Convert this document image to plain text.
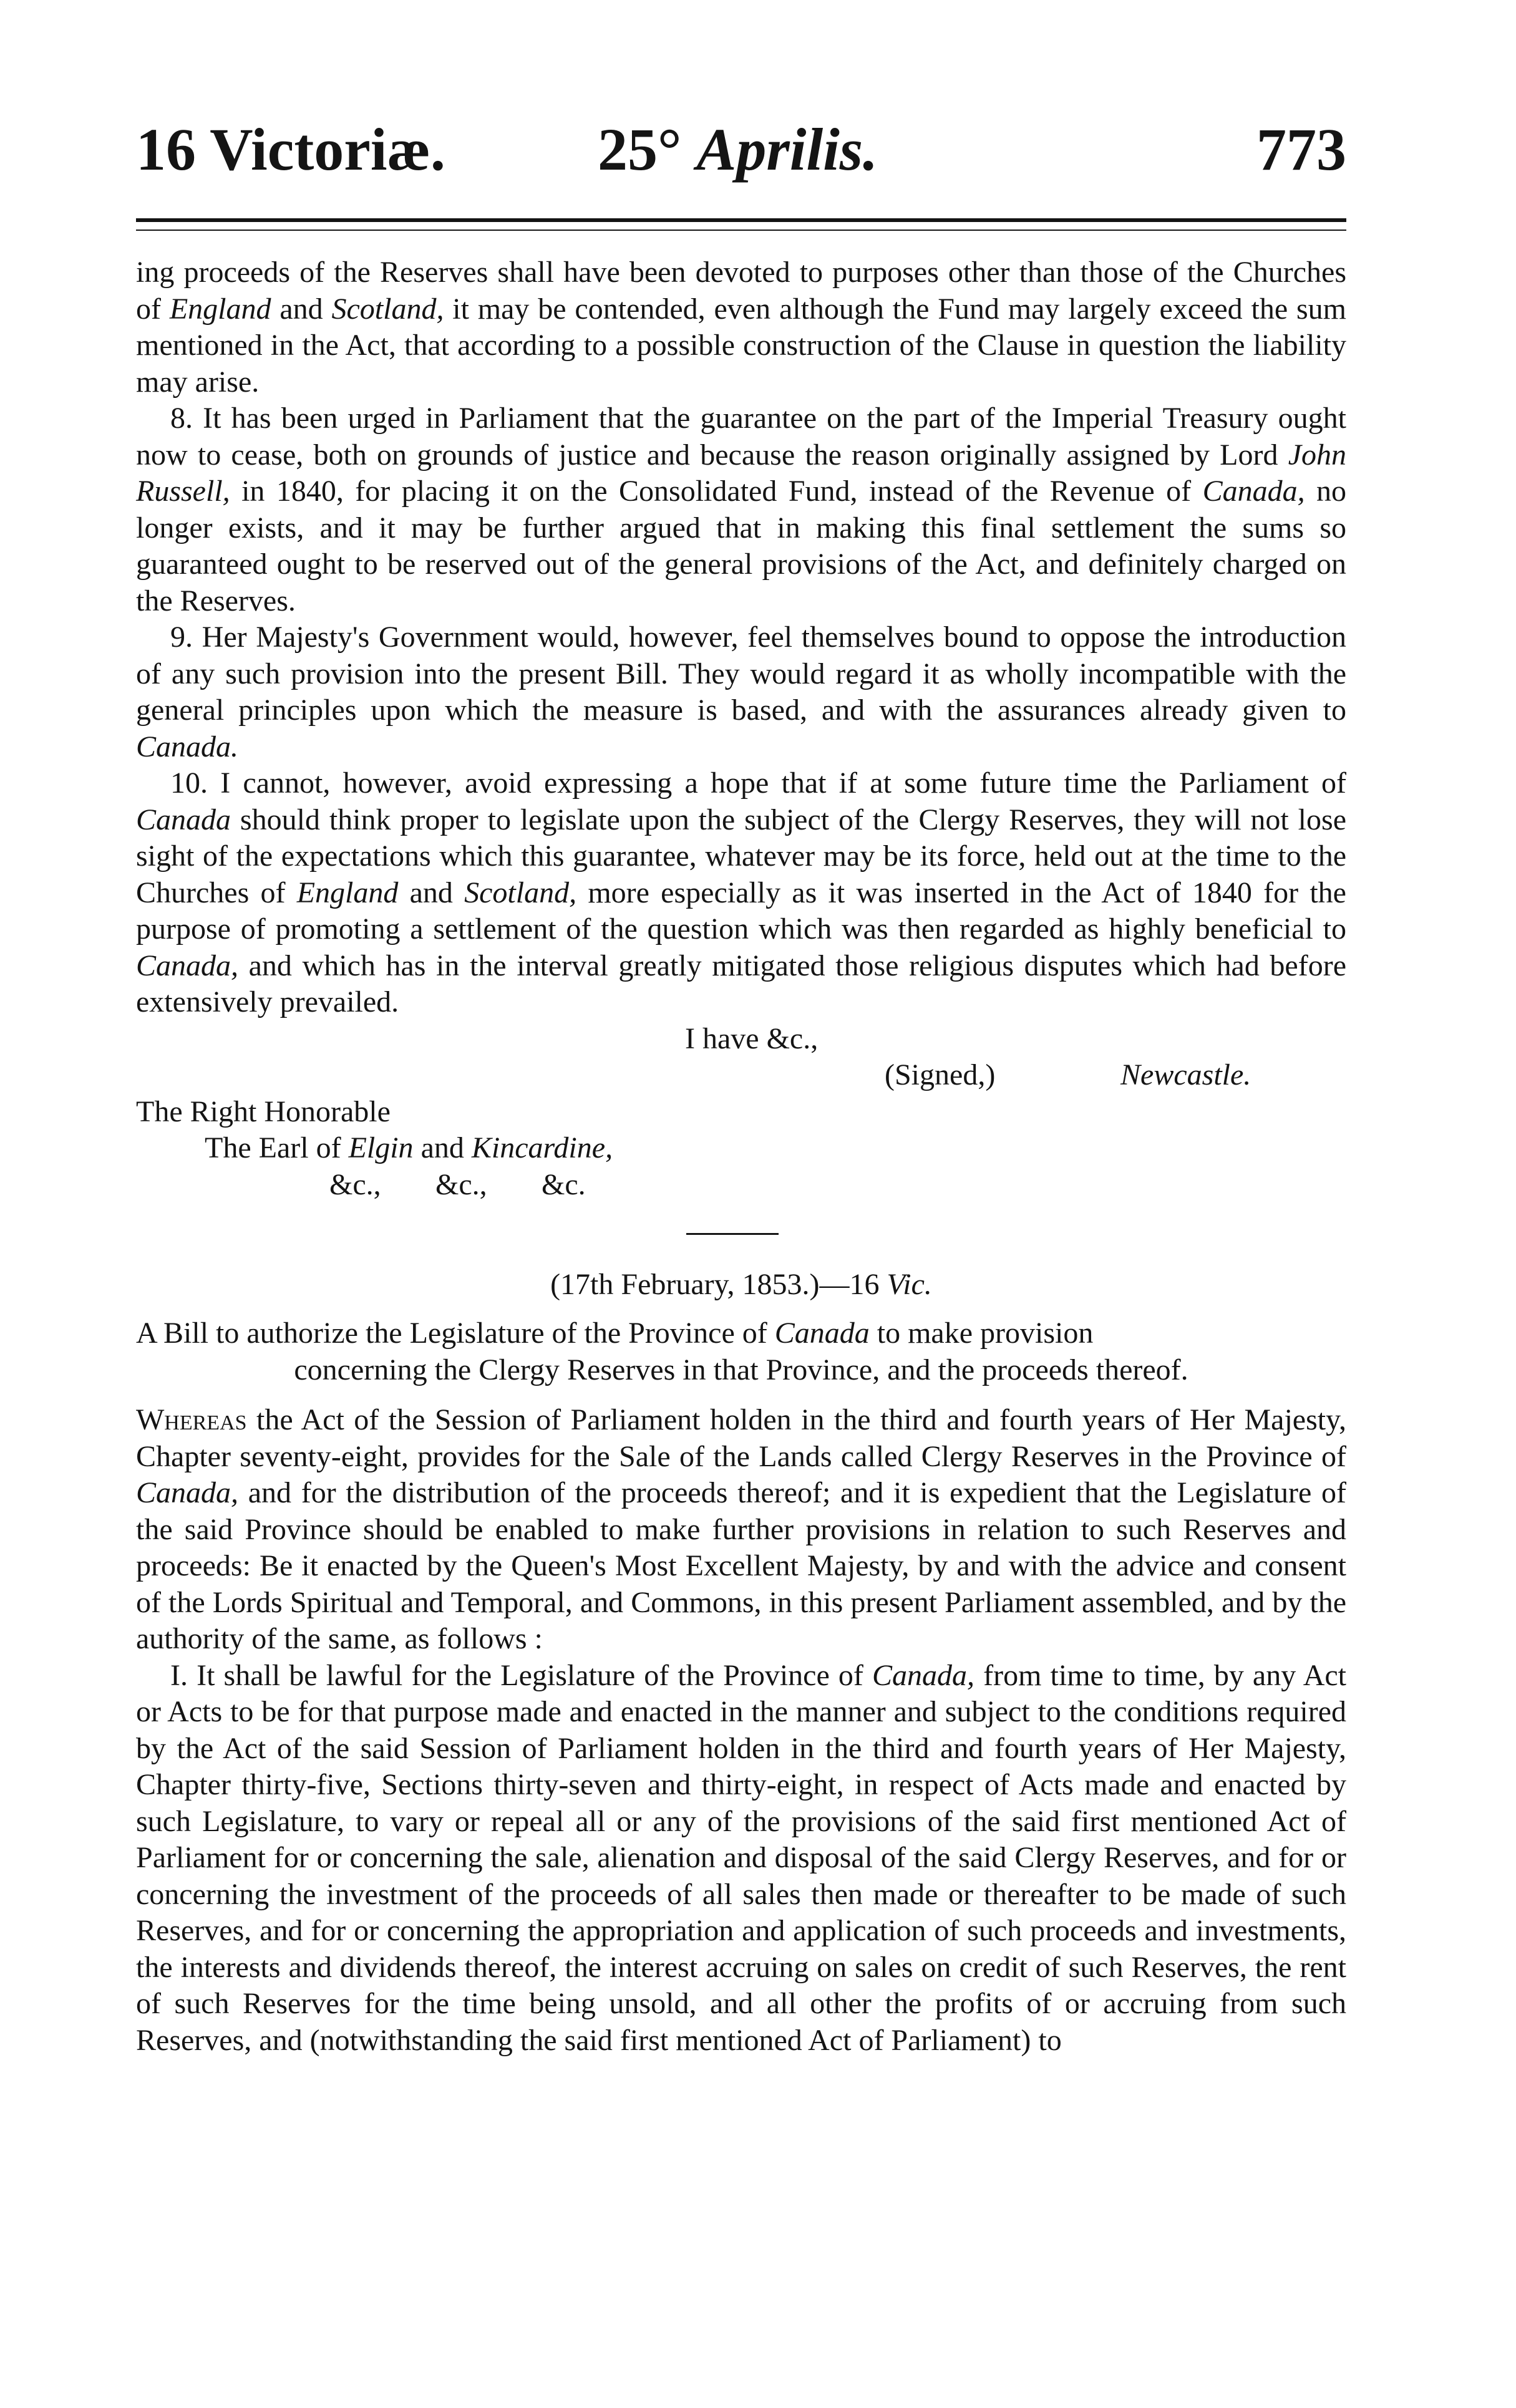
16 Victoriæ.	25° Aprilis.	773

ing proceeds of the Reserves shall have been devoted to purposes other than those of the Churches of England and Scotland, it may be contended, even although the Fund may largely exceed the sum mentioned in the Act, that according to a possible construction of the Clause in question the liability may arise.

8. It has been urged in Parliament that the guarantee on the part of the Imperial Treasury ought now to cease, both on grounds of justice and because the reason originally assigned by Lord John Russell, in 1840, for placing it on the Consolidated Fund, instead of the Revenue of Canada, no longer exists, and it may be further argued that in making this final settlement the sums so guaranteed ought to be reserved out of the general provisions of the Act, and definitely charged on the Reserves.

9. Her Majesty's Government would, however, feel themselves bound to oppose the introduction of any such provision into the present Bill. They would regard it as wholly incompatible with the general principles upon which the measure is based, and with the assurances already given to Canada.

10. I cannot, however, avoid expressing a hope that if at some future time the Parliament of Canada should think proper to legislate upon the subject of the Clergy Reserves, they will not lose sight of the expectations which this guarantee, whatever may be its force, held out at the time to the Churches of England and Scotland, more especially as it was inserted in the Act of 1840 for the purpose of promoting a settlement of the question which was then regarded as highly beneficial to Canada, and which has in the interval greatly mitigated those religious disputes which had before extensively prevailed.

I have &c.,
(Signed,)	Newcastle.
The Right Honorable
The Earl of Elgin and Kincardine,
&c., &c., &c.

(17th February, 1853.)—16 Vic.

A Bill to authorize the Legislature of the Province of Canada to make provision

concerning the Clergy Reserves in that Province, and the proceeds thereof.

Whereas the Act of the Session of Parliament holden in the third and fourth years of Her Majesty, Chapter seventy-eight, provides for the Sale of the Lands called Clergy Reserves in the Province of Canada, and for the distribution of the proceeds thereof; and it is expedient that the Legislature of the said Province should be enabled to make further provisions in relation to such Reserves and proceeds: Be it enacted by the Queen's Most Excellent Majesty, by and with the advice and consent of the Lords Spiritual and Temporal, and Commons, in this present Parliament assembled, and by the authority of the same, as follows :

I. It shall be lawful for the Legislature of the Province of Canada, from time to time, by any Act or Acts to be for that purpose made and enacted in the manner and subject to the conditions required by the Act of the said Session of Parliament holden in the third and fourth years of Her Majesty, Chapter thirty-five, Sections thirty-seven and thirty-eight, in respect of Acts made and enacted by such Legislature, to vary or repeal all or any of the provisions of the said first mentioned Act of Parliament for or concerning the sale, alienation and disposal of the said Clergy Reserves, and for or concerning the investment of the proceeds of all sales then made or thereafter to be made of such Reserves, and for or concerning the appropriation and application of such proceeds and investments, the interests and dividends thereof, the interest accruing on sales on credit of such Reserves, the rent of such Reserves for the time being unsold, and all other the profits of or accruing from such Reserves, and (notwithstanding the said first mentioned Act of Parliament) to
